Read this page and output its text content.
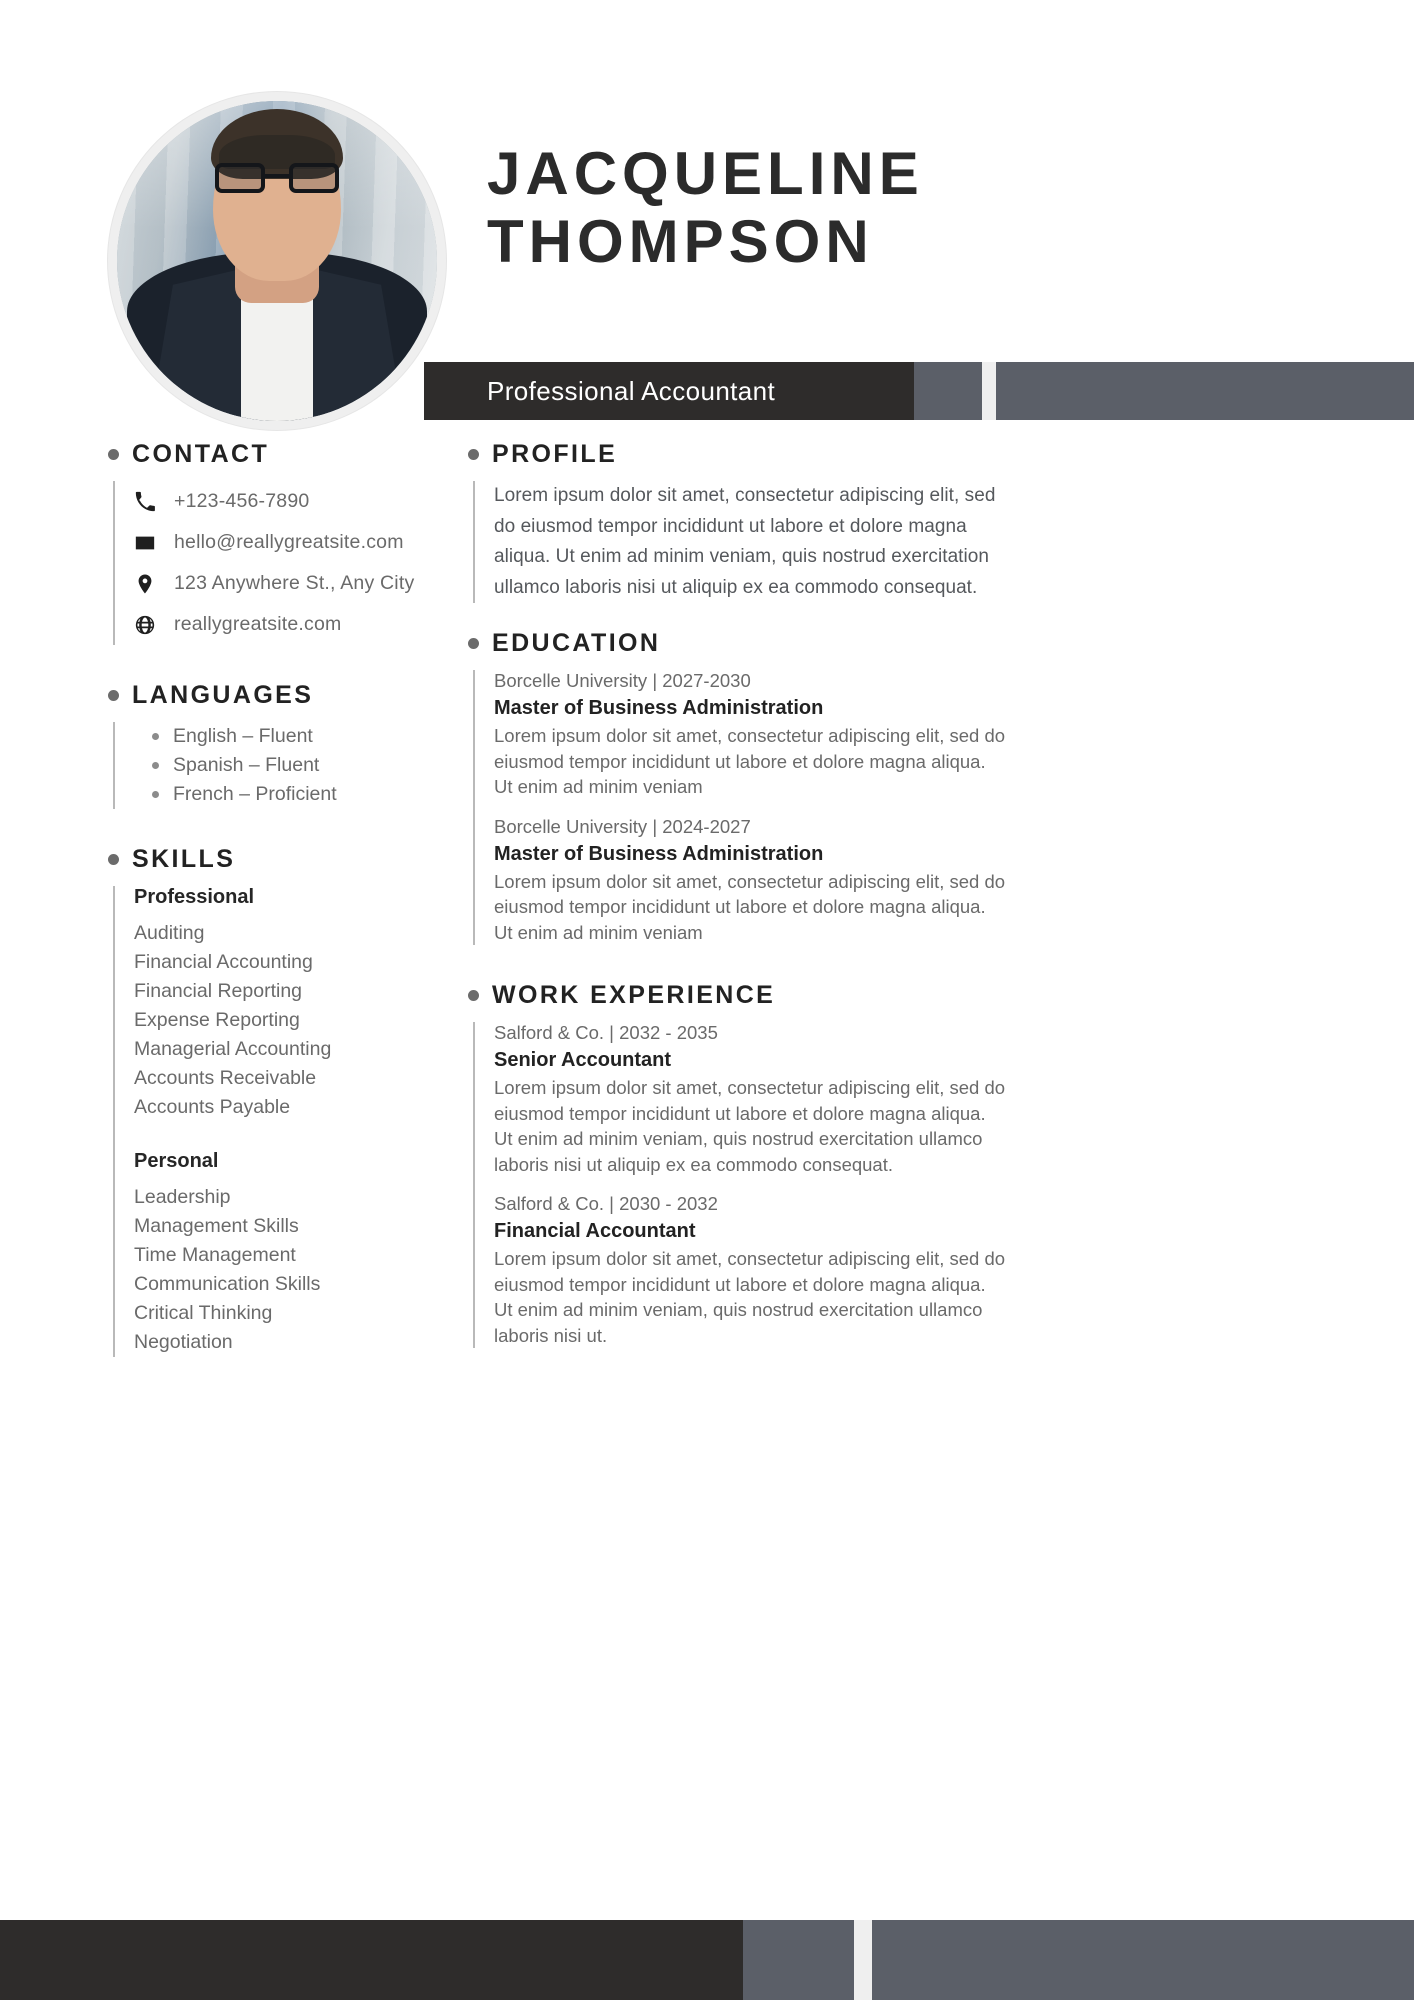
JACQUELINE
THOMPSON
Professional Accountant
CONTACT
+123-456-7890
hello@reallygreatsite.com
123 Anywhere St., Any City
reallygreatsite.com
LANGUAGES
English – Fluent
Spanish – Fluent
French – Proficient
SKILLS
Professional
Auditing
Financial Accounting
Financial Reporting
Expense Reporting
Managerial Accounting
Accounts Receivable
Accounts Payable
Personal
Leadership
Management Skills
Time Management
Communication Skills
Critical Thinking
Negotiation
PROFILE
Lorem ipsum dolor sit amet, consectetur adipiscing elit, sed do eiusmod tempor incididunt ut labore et dolore magna aliqua. Ut enim ad minim veniam, quis nostrud exercitation ullamco laboris nisi ut aliquip ex ea commodo consequat.
EDUCATION
Borcelle University | 2027-2030
Master of Business Administration
Lorem ipsum dolor sit amet, consectetur adipiscing elit, sed do eiusmod tempor incididunt ut labore et dolore magna aliqua. Ut enim ad minim veniam
Borcelle University | 2024-2027
Master of Business Administration
Lorem ipsum dolor sit amet, consectetur adipiscing elit, sed do eiusmod tempor incididunt ut labore et dolore magna aliqua. Ut enim ad minim veniam
WORK EXPERIENCE
Salford & Co. | 2032 - 2035
Senior Accountant
Lorem ipsum dolor sit amet, consectetur adipiscing elit, sed do eiusmod tempor incididunt ut labore et dolore magna aliqua. Ut enim ad minim veniam, quis nostrud exercitation ullamco laboris nisi ut aliquip ex ea commodo consequat.
Salford & Co. | 2030 - 2032
Financial Accountant
Lorem ipsum dolor sit amet, consectetur adipiscing elit, sed do eiusmod tempor incididunt ut labore et dolore magna aliqua. Ut enim ad minim veniam, quis nostrud exercitation ullamco laboris nisi ut.
